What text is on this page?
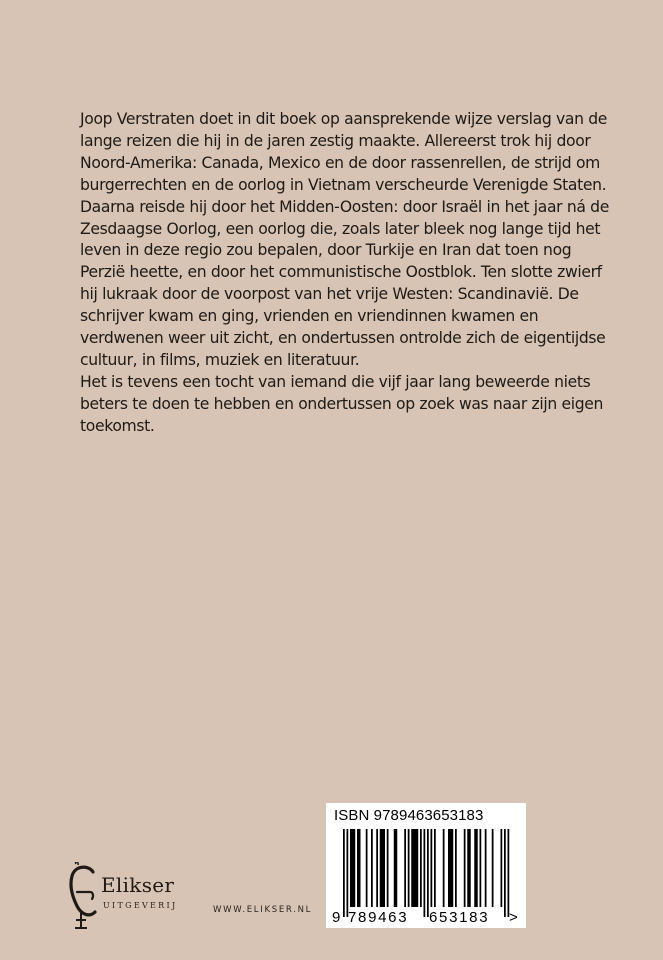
Joop Verstraten doet in dit boek op aansprekende wijze verslag van de lange reizen die hij in de jaren zestig maakte. Allereerst trok hij door Noord-Amerika: Canada, Mexico en de door rassenrellen, de strijd om burgerrechten en de oorlog in Vietnam verscheurde Verenigde Staten. Daarna reisde hij door het Midden-Oosten: door Israël in het jaar ná de Zesdaagse Oorlog, een oorlog die, zoals later bleek nog lange tijd het leven in deze regio zou bepalen, door Turkije en Iran dat toen nog Perzië heette, en door het communistische Oostblok. Ten slotte zwierf hij lukraak door de voorpost van het vrije Westen: Scandinavië. De schrijver kwam en ging, vrienden en vriendinnen kwamen en verdwenen weer uit zicht, en ondertussen ontrolde zich de eigentijdse cultuur, in films, muziek en literatuur.

Het is tevens een tocht van iemand die vijf jaar lang beweerde niets beters te doen te hebben en ondertussen op zoek was naar zijn eigen toekomst.

Elikser
UITGEVERIJ	WWW.ELIKSER.NL
ISBN 9789463653183
9 789463 653183 >
